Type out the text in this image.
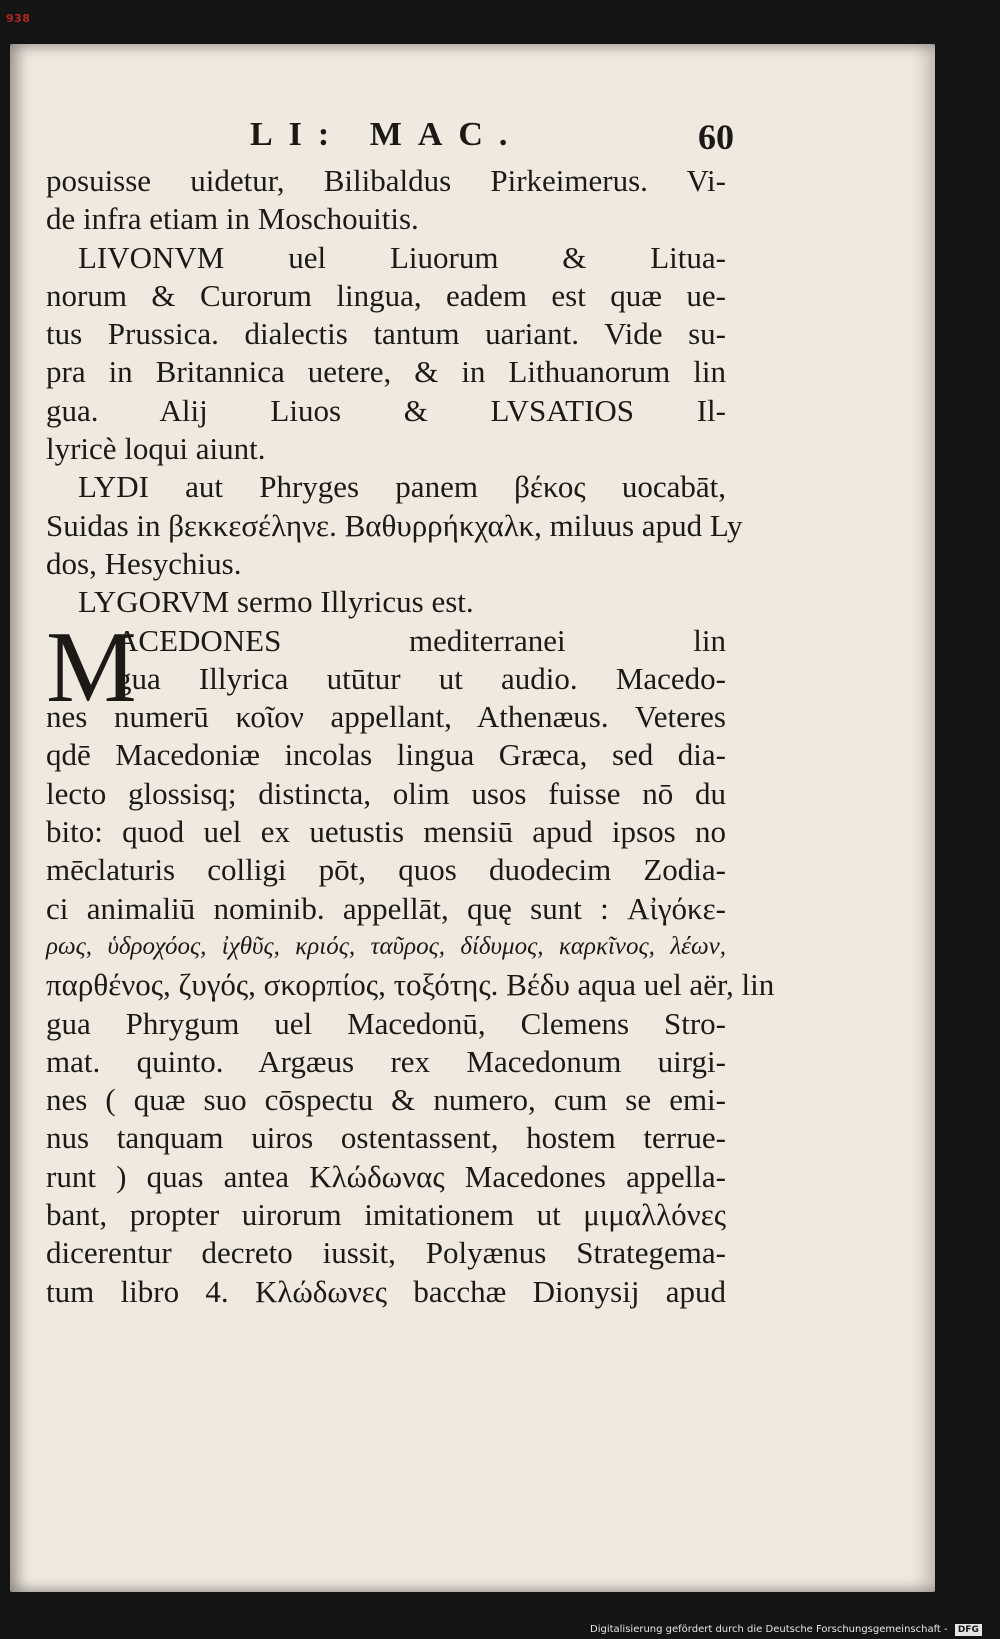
938
LI: MAC.	60
posuisse uidetur, Bilibaldus Pirkeimerus. Vi-
de infra etiam in Moschouitis.
LIVONVM uel Liuorum & Litua-
norum & Curorum lingua, eadem est quæ ue-
tus Prussica. dialectis tantum uariant. Vide su-
pra in Britannica uetere, & in Lithuanorum lin
gua. Alij Liuos & LVSATIOS Il-
lyricè loqui aiunt.
LYDI aut Phryges panem βέκος uocabāt,
Suidas in βεκκεσέληνε. Βαθυρρήκχαλκ, miluus apud Ly
dos, Hesychius.
LYGORVM sermo Illyricus est.
M
ACEDONES mediterranei lin
gua Illyrica utūtur ut audio. Macedo-
nes numerū κοῖον appellant, Athenæus. Veteres
qdē Macedoniæ incolas lingua Græca, sed dia-
lecto glossisq; distincta, olim usos fuisse nō du
bito: quod uel ex uetustis mensiū apud ipsos no
mēclaturis colligi pōt, quos duodecim Zodia-
ci animaliū nominib. appellāt, quę sunt : Αἰγόκε-
ρως, ὑδροχόος, ἰχθῦς, κριός, ταῦρος, δίδυμος, καρκῖνος, λέων,
παρθένος, ζυγός, σκορπίος, τοξότης. Βέδυ aqua uel aër, lin
gua Phrygum uel Macedonū, Clemens Stro-
mat. quinto. Argæus rex Macedonum uirgi-
nes ( quæ suo cōspectu & numero, cum se emi-
nus tanquam uiros ostentassent, hostem terrue-
runt ) quas antea Κλώδωνας Macedones appella-
bant, propter uirorum imitationem ut μιμαλλόνες
dicerentur decreto iussit, Polyænus Strategema-
tum libro 4. Κλώδωνες bacchæ Dionysij apud
Digitalisierung gefördert durch die Deutsche Forschungsgemeinschaft - DFG
